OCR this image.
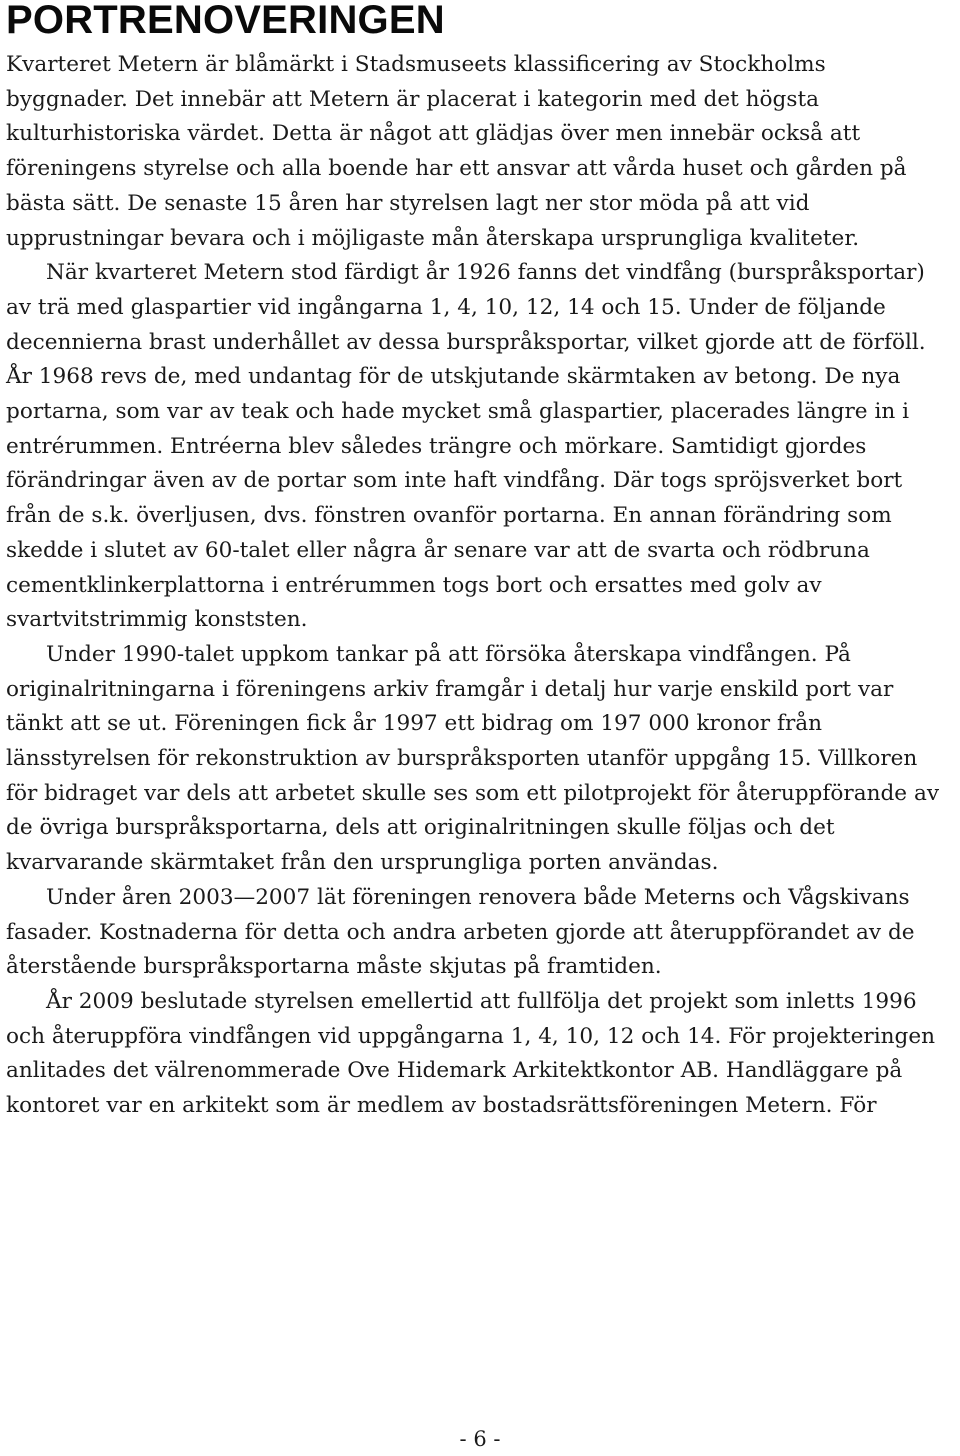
PORTRENOVERINGEN

Kvarteret Metern är blåmärkt i Stadsmuseets klassificering av Stockholms byggnader. Det innebär att Metern är placerat i kategorin med det högsta kulturhistoriska värdet. Detta är något att glädjas över men innebär också att föreningens styrelse och alla boende har ett ansvar att vårda huset och gården på bästa sätt. De senaste 15 åren har styrelsen lagt ner stor möda på att vid upprustningar bevara och i möjligaste mån återskapa ursprungliga kvaliteter.

När kvarteret Metern stod färdigt år 1926 fanns det vindfång (burspråksportar) av trä med glaspartier vid ingångarna 1, 4, 10, 12, 14 och 15. Under de följande decennierna brast underhållet av dessa burspråksportar, vilket gjorde att de förföll. År 1968 revs de, med undantag för de utskjutande skärmtaken av betong. De nya portarna, som var av teak och hade mycket små glaspartier, placerades längre in i entrérummen. Entréerna blev således trängre och mörkare. Samtidigt gjordes förändringar även av de portar som inte haft vindfång. Där togs spröjsverket bort från de s.k. överljusen, dvs. fönstren ovanför portarna. En annan förändring som skedde i slutet av 60-talet eller några år senare var att de svarta och rödbruna cementklinkerplattorna i entrérummen togs bort och ersattes med golv av svartvitstrimmig konststen.

Under 1990-talet uppkom tankar på att försöka återskapa vindfången. På originalritningarna i föreningens arkiv framgår i detalj hur varje enskild port var tänkt att se ut. Föreningen fick år 1997 ett bidrag om 197 000 kronor från länsstyrelsen för rekonstruktion av burspråksporten utanför uppgång 15. Villkoren för bidraget var dels att arbetet skulle ses som ett pilotprojekt för återuppförande av de övriga burspråksportarna, dels att originalritningen skulle följas och det kvarvarande skärmtaket från den ursprungliga porten användas.

Under åren 2003—2007 lät föreningen renovera både Meterns och Vågskivans fasader. Kostnaderna för detta och andra arbeten gjorde att återuppförandet av de återstående burspråksportarna måste skjutas på framtiden.

År 2009 beslutade styrelsen emellertid att fullfölja det projekt som inletts 1996 och återuppföra vindfången vid uppgångarna 1, 4, 10, 12 och 14. För projekteringen anlitades det välrenommerade Ove Hidemark Arkitektkontor AB. Handläggare på kontoret var en arkitekt som är medlem av bostadsrättsföreningen Metern. För

- 6 -
